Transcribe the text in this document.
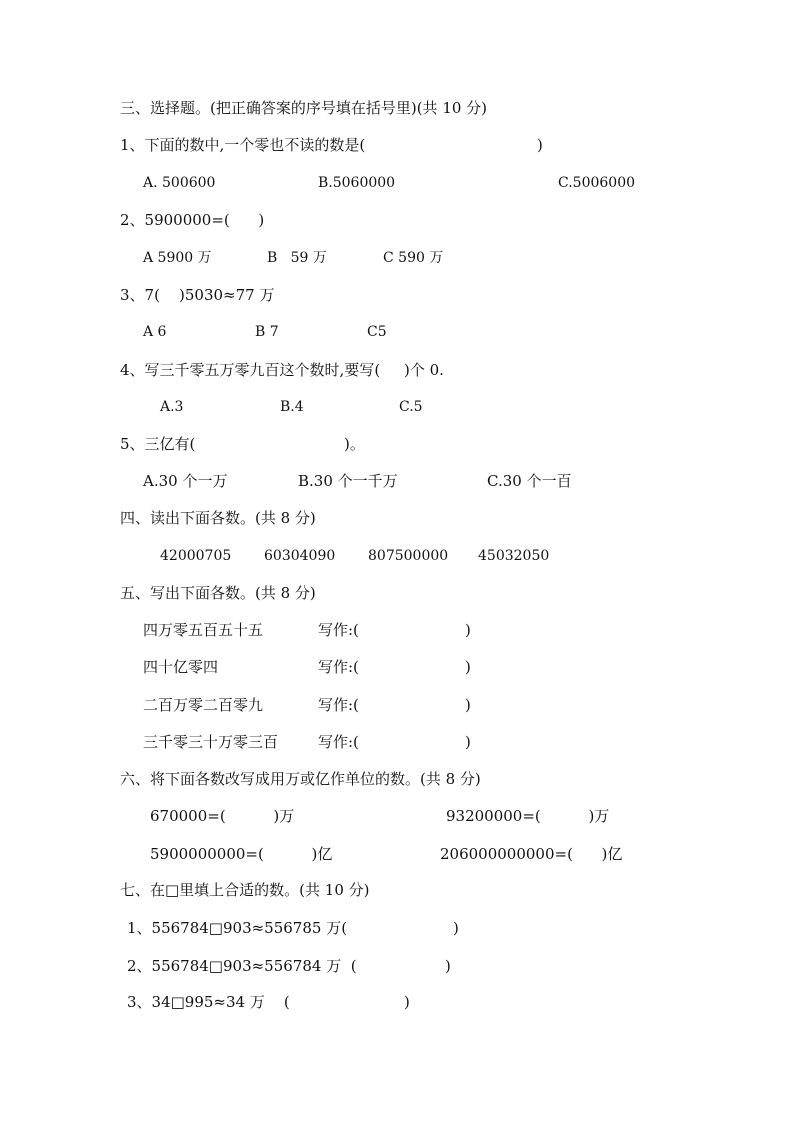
三、选择题。(把正确答案的序号填在括号里)(共 10 分)
1、下面的数中,一个零也不读的数是(	)
A. 500600	B.5060000	C.5006000
2、5900000=(      )
A 5900 万	B   59 万	C 590 万
3、7(    )5030≈77 万
A 6	B 7	C5
4、写三千零五万零九百这个数时,要写(     )个 0.
A.3	B.4	C.5
5、三亿有(	)。
A.30 个一万	B.30 个一千万	C.30 个一百
四、读出下面各数。(共 8 分)
42000705 60304090 807500000 45032050
五、写出下面各数。(共 8 分)
四万零五百五十五	写作:(	)
四十亿零四	写作:(	)
二百万零二百零九	写作:(	)
三千零三十万零三百	写作:(	)
六、将下面各数改写成用万或亿作单位的数。(共 8 分)
670000=(          )万	93200000=(          )万
5900000000=(          )亿	206000000000=(      )亿
七、在□里填上合适的数。(共 10 分)
1、556784□903≈556785 万(	)
2、556784□903≈556784 万  (	)
3、34□995≈34 万    (	)
